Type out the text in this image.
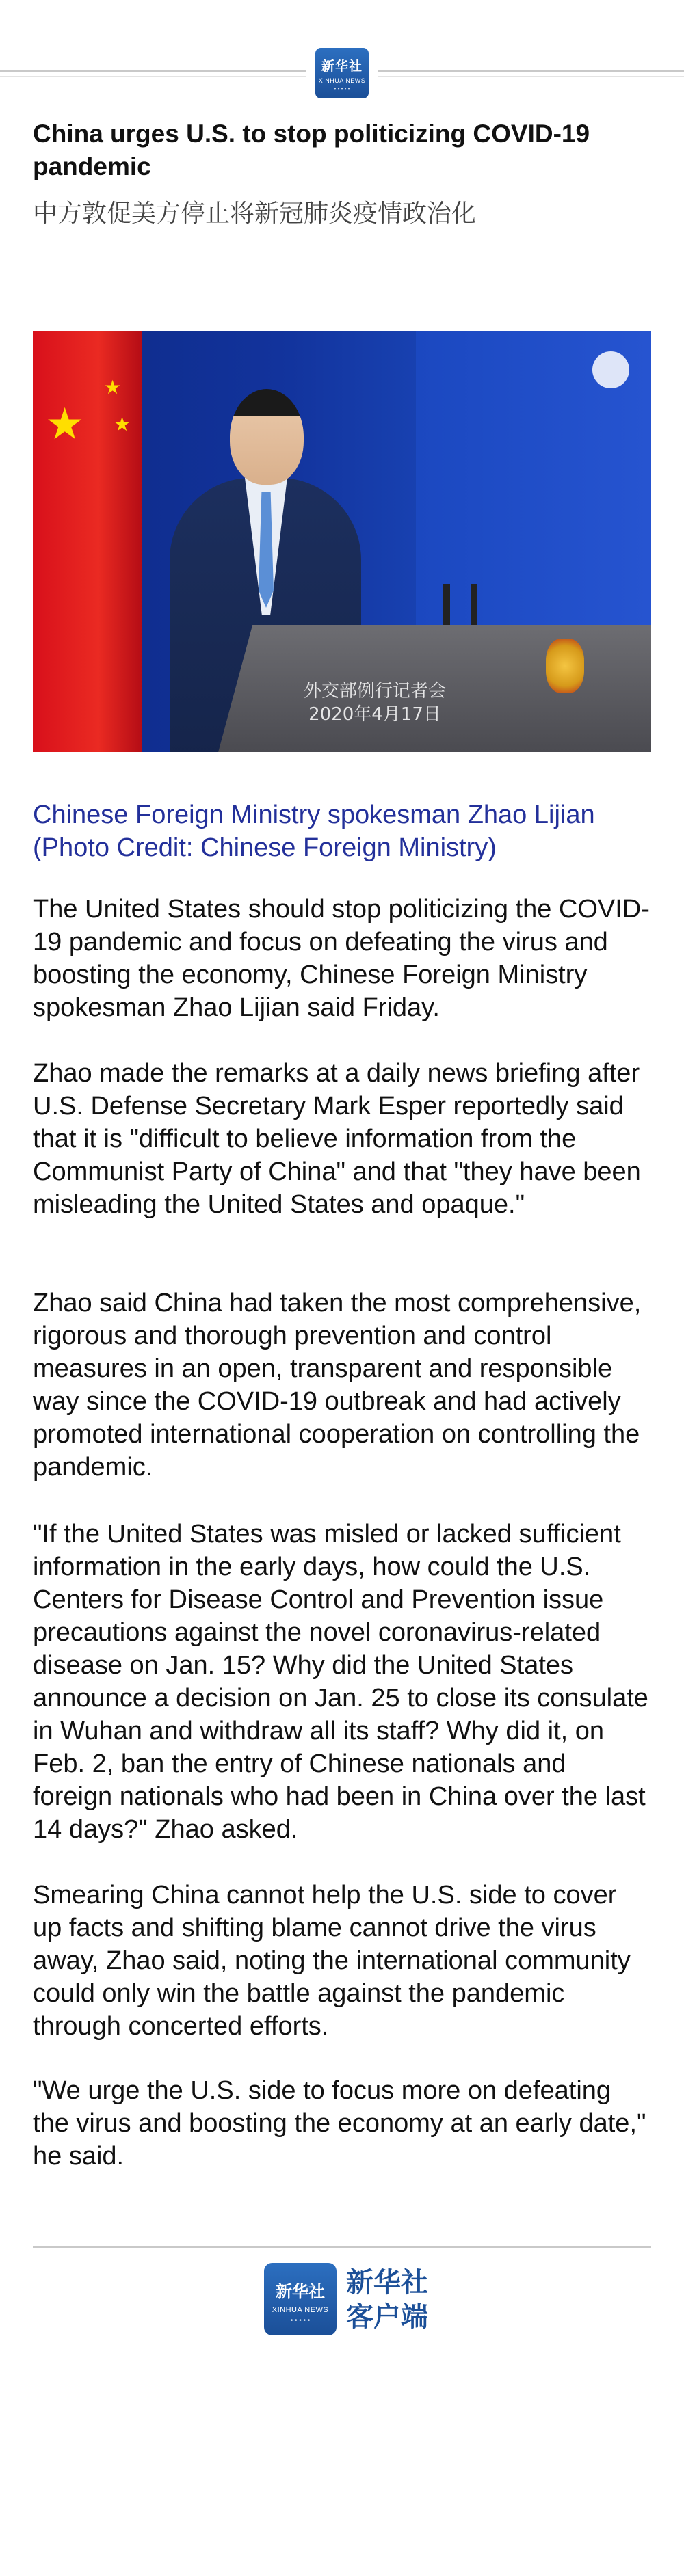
新华社
XINHUA NEWS
• • • • •
China urges U.S. to stop politicizing COVID-19 pandemic

中方敦促美方停止将新冠肺炎疫情政治化

★
★
★
外交部例行记者会
2020年4月17日

Chinese Foreign Ministry spokesman Zhao Lijian (Photo Credit: Chinese Foreign Ministry)

The United States should stop politicizing the COVID-19 pandemic and focus on defeating the virus and boosting the economy, Chinese Foreign Ministry spokesman Zhao Lijian said Friday.

Zhao made the remarks at a daily news briefing after U.S. Defense Secretary Mark Esper reportedly said that it is "difficult to believe information from the Communist Party of China" and that "they have been misleading the United States and opaque."

Zhao said China had taken the most comprehensive, rigorous and thorough prevention and control measures in an open, transparent and responsible way since the COVID-19 outbreak and had actively promoted international cooperation on controlling the pandemic.

"If the United States was misled or lacked sufficient information in the early days, how could the U.S. Centers for Disease Control and Prevention issue precautions against the novel coronavirus-related disease on Jan. 15? Why did the United States announce a decision on Jan. 25 to close its consulate in Wuhan and withdraw all its staff? Why did it, on Feb. 2, ban the entry of Chinese nationals and foreign nationals who had been in China over the last 14 days?" Zhao asked.

Smearing China cannot help the U.S. side to cover up facts and shifting blame cannot drive the virus away, Zhao said, noting the international community could only win the battle against the pandemic through concerted efforts.

"We urge the U.S. side to focus more on defeating the virus and boosting the economy at an early date," he said.

新华社
XINHUA NEWS
• • • • •
新华社
客户端
